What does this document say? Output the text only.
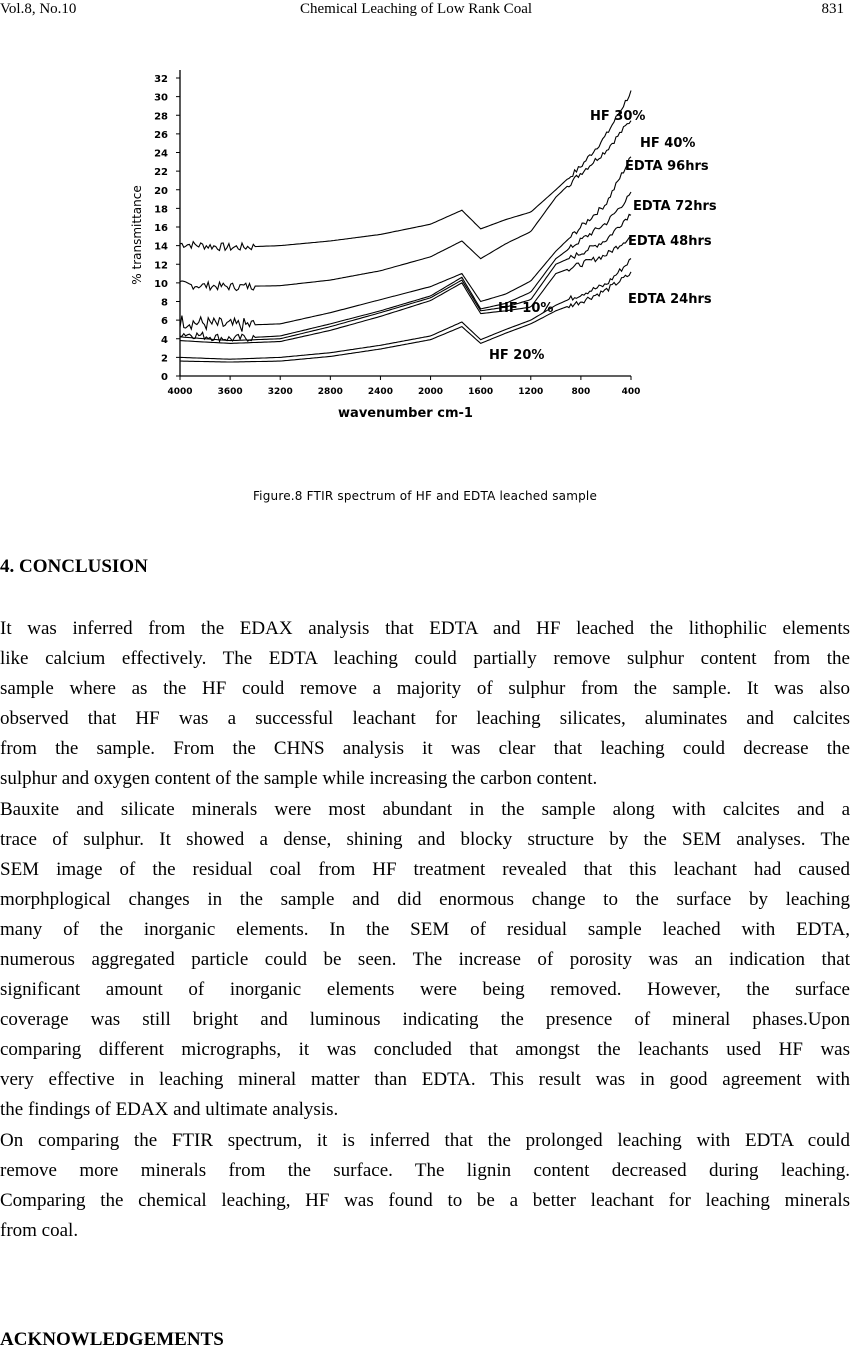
Vol.8, No.10	Chemical Leaching of Low Rank Coal	831
0
2
4
6
8
10
12
14
16
18
20
22
24
26
28
30
32
4000	3600	3200	2800	2400	2000	1600	1200	800	400
wavenumber cm-1
% transmittance
HF 30%
HF 40%
EDTA 96hrs
EDTA 72hrs
EDTA 48hrs
HF 10%
EDTA 24hrs
HF 20%
Figure.8 FTIR spectrum of HF and EDTA leached sample
4. CONCLUSION
It was inferred from the EDAX analysis that EDTA and HF leached the lithophilic elements
like calcium effectively. The EDTA leaching could partially remove sulphur content from the
sample where as the HF could remove a majority of sulphur from the sample. It was also
observed that HF was a successful leachant for leaching silicates, aluminates and calcites
from the sample. From the CHNS analysis it was clear that leaching could decrease the
sulphur and oxygen content of the sample while increasing the carbon content.
Bauxite and silicate minerals were most abundant in the sample along with calcites and a
trace of sulphur. It showed a dense, shining and blocky structure by the SEM analyses. The
SEM image of the residual coal from HF treatment revealed that this leachant had caused
morphplogical changes in the sample and did enormous change to the surface by leaching
many of the inorganic elements. In the SEM of residual sample leached with EDTA,
numerous aggregated particle could be seen. The increase of porosity was an indication that
significant amount of inorganic elements were being removed. However, the surface
coverage was still bright and luminous indicating the presence of mineral phases.Upon
comparing different micrographs, it was concluded that amongst the leachants used HF was
very effective in leaching mineral matter than EDTA. This result was in good agreement with
the findings of EDAX and ultimate analysis.
On comparing the FTIR spectrum, it is inferred that the prolonged leaching with EDTA could
remove more minerals from the surface. The lignin content decreased during leaching.
Comparing the chemical leaching, HF was found to be a better leachant for leaching minerals
from coal.
ACKNOWLEDGEMENTS
